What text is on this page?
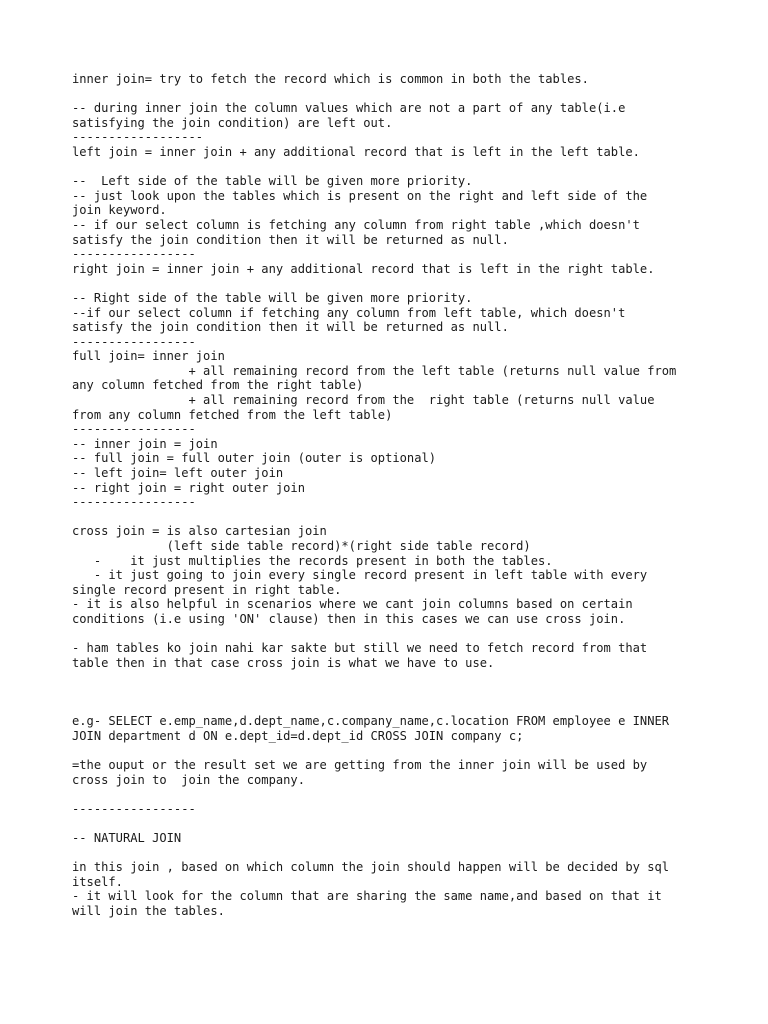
inner join= try to fetch the record which is common in both the tables.
-- during inner join the column values which are not a part of any table(i.e
satisfying the join condition) are left out.
------------------
left join = inner join + any additional record that is left in the left table.
--  Left side of the table will be given more priority.
-- just look upon the tables which is present on the right and left side of the
join keyword.
-- if our select column is fetching any column from right table ,which doesn't
satisfy the join condition then it will be returned as null.
-----------------
right join = inner join + any additional record that is left in the right table.
-- Right side of the table will be given more priority.
--if our select column if fetching any column from left table, which doesn't
satisfy the join condition then it will be returned as null.
-----------------
full join= inner join
+ all remaining record from the left table (returns null value from
any column fetched from the right table)
+ all remaining record from the  right table (returns null value
from any column fetched from the left table)
-----------------
-- inner join = join
-- full join = full outer join (outer is optional)
-- left join= left outer join
-- right join = right outer join
-----------------
cross join = is also cartesian join
(left side table record)*(right side table record)
-    it just multiplies the records present in both the tables.
- it just going to join every single record present in left table with every
single record present in right table.
- it is also helpful in scenarios where we cant join columns based on certain
conditions (i.e using 'ON' clause) then in this cases we can use cross join.
- ham tables ko join nahi kar sakte but still we need to fetch record from that
table then in that case cross join is what we have to use.
e.g- SELECT e.emp_name,d.dept_name,c.company_name,c.location FROM employee e INNER
JOIN department d ON e.dept_id=d.dept_id CROSS JOIN company c;
=the ouput or the result set we are getting from the inner join will be used by
cross join to  join the company.
-----------------
-- NATURAL JOIN
in this join , based on which column the join should happen will be decided by sql
itself.
- it will look for the column that are sharing the same name,and based on that it
will join the tables.
